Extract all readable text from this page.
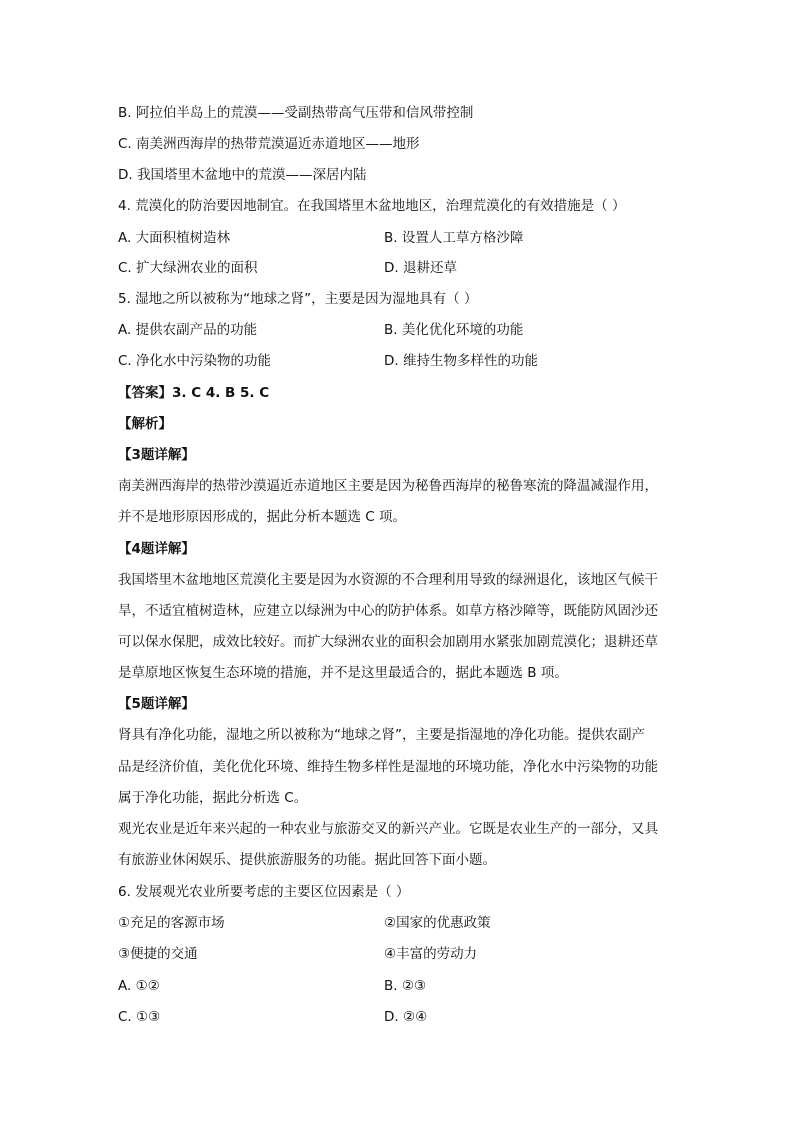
B. 阿拉伯半岛上的荒漠——受副热带高气压带和信风带控制
C. 南美洲西海岸的热带荒漠逼近赤道地区——地形
D. 我国塔里木盆地中的荒漠——深居内陆
4. 荒漠化的防治要因地制宜。在我国塔里木盆地地区，治理荒漠化的有效措施是（ ）
A. 大面积植树造林	B. 设置人工草方格沙障
C. 扩大绿洲农业的面积	D. 退耕还草
5. 湿地之所以被称为“地球之肾”，主要是因为湿地具有（ ）
A. 提供农副产品的功能	B. 美化优化环境的功能
C. 净化水中污染物的功能	D. 维持生物多样性的功能
【答案】3. C 4. B 5. C
【解析】
【3题详解】
南美洲西海岸的热带沙漠逼近赤道地区主要是因为秘鲁西海岸的秘鲁寒流的降温减湿作用，
并不是地形原因形成的，据此分析本题选 C 项。
【4题详解】
我国塔里木盆地地区荒漠化主要是因为水资源的不合理利用导致的绿洲退化，该地区气候干
旱，不适宜植树造林，应建立以绿洲为中心的防护体系。如草方格沙障等，既能防风固沙还
可以保水保肥，成效比较好。而扩大绿洲农业的面积会加剧用水紧张加剧荒漠化；退耕还草
是草原地区恢复生态环境的措施，并不是这里最适合的，据此本题选 B 项。
【5题详解】
肾具有净化功能，湿地之所以被称为“地球之肾”，主要是指湿地的净化功能。提供农副产
品是经济价值，美化优化环境、维持生物多样性是湿地的环境功能，净化水中污染物的功能
属于净化功能，据此分析选 C。
观光农业是近年来兴起的一种农业与旅游交叉的新兴产业。它既是农业生产的一部分，又具
有旅游业休闲娱乐、提供旅游服务的功能。据此回答下面小题。
6. 发展观光农业所要考虑的主要区位因素是（ ）
①充足的客源市场	②国家的优惠政策
③便捷的交通	④丰富的劳动力
A. ①②	B. ②③
C. ①③	D. ②④
